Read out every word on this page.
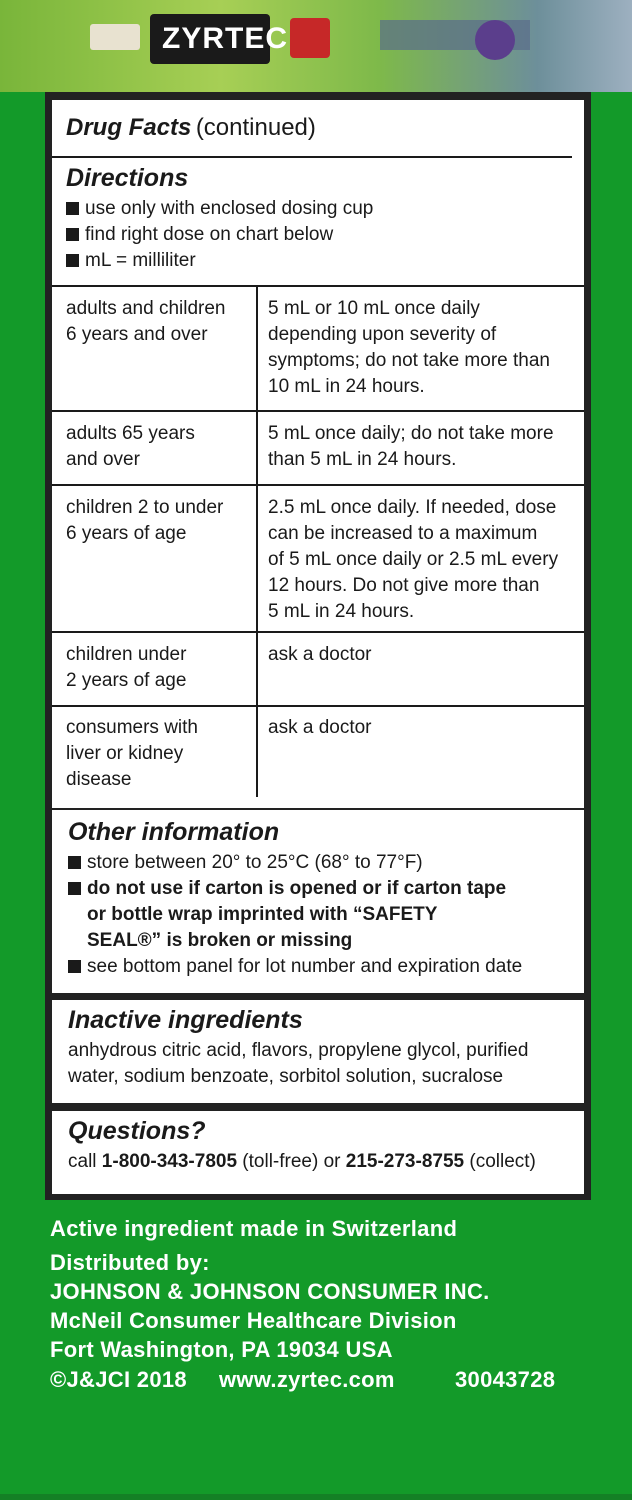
ZYRTEC
Drug Facts (continued)
Directions
use only with enclosed dosing cup
find right dose on chart below
mL = milliliter
adults and children
6 years and over
5 mL or 10 mL once daily
depending upon severity of
symptoms; do not take more than
10 mL in 24 hours.
adults 65 years
and over
5 mL once daily; do not take more
than 5 mL in 24 hours.
children 2 to under
6 years of age
2.5 mL once daily. If needed, dose
can be increased to a maximum
of 5 mL once daily or 2.5 mL every
12 hours. Do not give more than
5 mL in 24 hours.
children under
2 years of age
ask a doctor
consumers with
liver or kidney
disease
ask a doctor
Other information
store between 20° to 25°C (68° to 77°F)
do not use if carton is opened or if carton tape
or bottle wrap imprinted with “SAFETY
SEAL®” is broken or missing
see bottom panel for lot number and expiration date
Inactive ingredients
anhydrous citric acid, flavors, propylene glycol, purified
water, sodium benzoate, sorbitol solution, sucralose
Questions?
call 1-800-343-7805 (toll-free) or 215-273-8755 (collect)
Active ingredient made in Switzerland
Distributed by:
JOHNSON & JOHNSON CONSUMER INC.
McNeil Consumer Healthcare Division
Fort Washington, PA 19034 USA
©J&JCI 2018 www.zyrtec.com	30043728
